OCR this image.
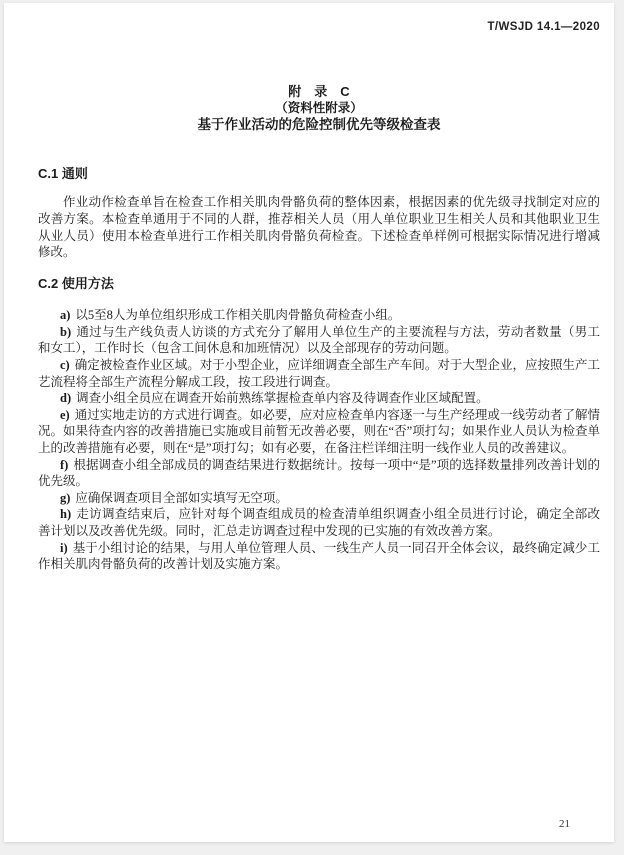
T/WSJD 14.1—2020
附　录　C
（资料性附录）
基于作业活动的危险控制优先等级检查表
C.1 通则

作业动作检查单旨在检查工作相关肌肉骨骼负荷的整体因素，根据因素的优先级寻找制定对应的改善方案。本检查单通用于不同的人群，推荐相关人员（用人单位职业卫生相关人员和其他职业卫生从业人员）使用本检查单进行工作相关肌肉骨骼负荷检查。下述检查单样例可根据实际情况进行增减修改。

C.2 使用方法

a) 以5至8人为单位组织形成工作相关肌肉骨骼负荷检查小组。

b) 通过与生产线负责人访谈的方式充分了解用人单位生产的主要流程与方法，劳动者数量（男工和女工），工作时长（包含工间休息和加班情况）以及全部现存的劳动问题。

c) 确定被检查作业区域。对于小型企业，应详细调查全部生产车间。对于大型企业，应按照生产工艺流程将全部生产流程分解成工段，按工段进行调查。

d) 调查小组全员应在调查开始前熟练掌握检查单内容及待调查作业区域配置。

e) 通过实地走访的方式进行调查。如必要，应对应检查单内容逐一与生产经理或一线劳动者了解情况。如果待查内容的改善措施已实施或目前暂无改善必要，则在“否”项打勾；如果作业人员认为检查单上的改善措施有必要，则在“是”项打勾；如有必要，在备注栏详细注明一线作业人员的改善建议。

f) 根据调查小组全部成员的调查结果进行数据统计。按每一项中“是”项的选择数量排列改善计划的优先级。

g) 应确保调查项目全部如实填写无空项。

h) 走访调查结束后，应针对每个调查组成员的检查清单组织调查小组全员进行讨论，确定全部改善计划以及改善优先级。同时，汇总走访调查过程中发现的已实施的有效改善方案。

i) 基于小组讨论的结果，与用人单位管理人员、一线生产人员一同召开全体会议，最终确定减少工作相关肌肉骨骼负荷的改善计划及实施方案。

21
